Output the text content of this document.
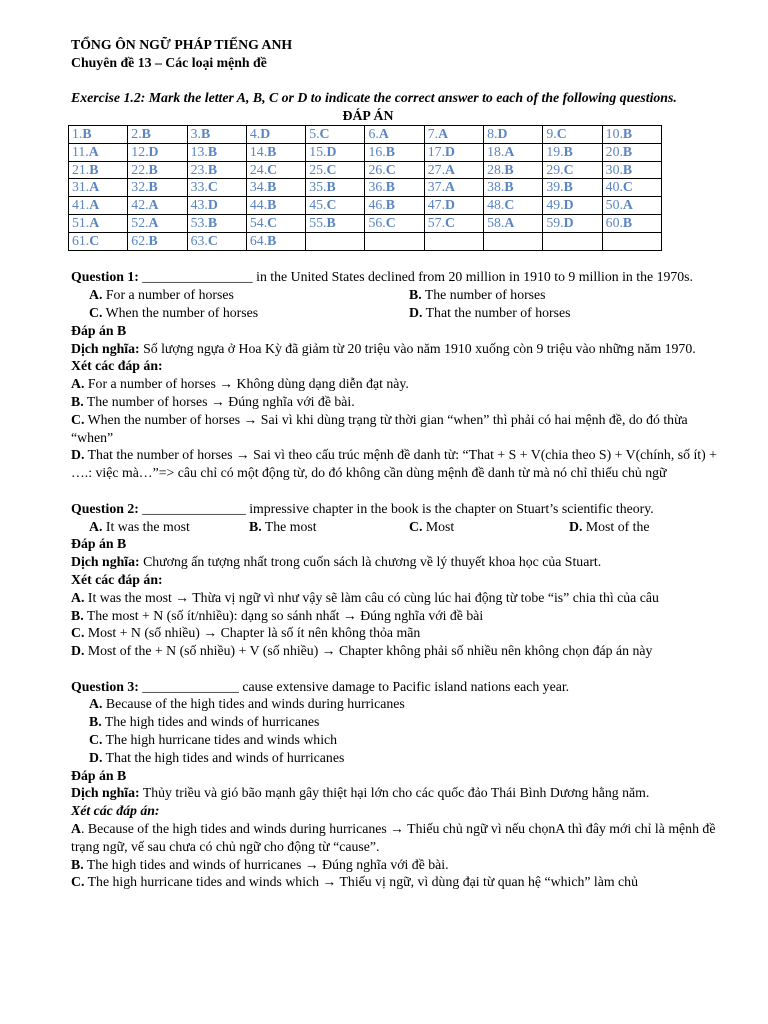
TỔNG ÔN NGỮ PHÁP TIẾNG ANH
Chuyên đề 13 – Các loại mệnh đề
Exercise 1.2: Mark the letter A, B, C or D to indicate the correct answer to each of the following questions.
ĐÁP ÁN
1.B	2.B	3.B	4.D	5.C	6.A	7.A	8.D	9.C	10.B
11.A	12.D	13.B	14.B	15.D	16.B	17.D	18.A	19.B	20.B
21.B	22.B	23.B	24.C	25.C	26.C	27.A	28.B	29.C	30.B
31.A	32.B	33.C	34.B	35.B	36.B	37.A	38.B	39.B	40.C
41.A	42.A	43.D	44.B	45.C	46.B	47.D	48.C	49.D	50.A
51.A	52.A	53.B	54.C	55.B	56.C	57.C	58.A	59.D	60.B
61.C	62.B	63.C	64.B						
Question 1: ________________ in the United States declined from 20 million in 1910 to 9 million in the 1970s.
A. For a number of horses	B. The number of horses
C. When the number of horses	D. That the number of horses
Đáp án B
Dịch nghĩa: Số lượng ngựa ở Hoa Kỳ đã giảm từ 20 triệu vào năm 1910 xuống còn 9 triệu vào những năm 1970.
Xét các đáp án:
A. For a number of horses → Không dùng dạng diễn đạt này.
B. The number of horses → Đúng nghĩa với đề bài.
C. When the number of horses → Sai vì khi dùng trạng từ thời gian “when” thì phải có hai mệnh đề, do đó thừa “when”
D. That the number of horses → Sai vì theo cấu trúc mệnh đề danh từ: “That + S + V(chia theo S) + V(chính, số ít) + ….: việc mà…”=> câu chỉ có một động từ, do đó không cần dùng mệnh đề danh từ mà nó chỉ thiếu chủ ngữ
Question 2: _______________ impressive chapter in the book is the chapter on Stuart’s scientific theory.
A. It was the most	B. The most	C. Most	D. Most of the
Đáp án B
Dịch nghĩa: Chương ấn tượng nhất trong cuốn sách là chương về lý thuyết khoa học của Stuart.
Xét các đáp án:
A. It was the most → Thừa vị ngữ vì như vậy sẽ làm câu có cùng lúc hai động từ tobe “is” chia thì của câu
B. The most + N (số ít/nhiều): dạng so sánh nhất → Đúng nghĩa với đề bài
C. Most + N (số nhiều) → Chapter là số ít nên không thỏa mãn
D. Most of the + N (số nhiều) + V (số nhiều) → Chapter không phải số nhiều nên không chọn đáp án này
Question 3: ______________ cause extensive damage to Pacific island nations each year.
A. Because of the high tides and winds during hurricanes
B. The high tides and winds of hurricanes
C. The high hurricane tides and winds which
D. That the high tides and winds of hurricanes
Đáp án B
Dịch nghĩa: Thủy triều và gió bão mạnh gây thiệt hại lớn cho các quốc đảo Thái Bình Dương hằng năm.
Xét các đáp án:
A. Because of the high tides and winds during hurricanes → Thiếu chủ ngữ vì nếu chọnA thì đây mới chỉ là mệnh đề trạng ngữ, vế sau chưa có chủ ngữ cho động từ “cause”.
B. The high tides and winds of hurricanes → Đúng nghĩa với đề bài.
C. The high hurricane tides and winds which → Thiếu vị ngữ, vì dùng đại từ quan hệ “which” làm chủ
